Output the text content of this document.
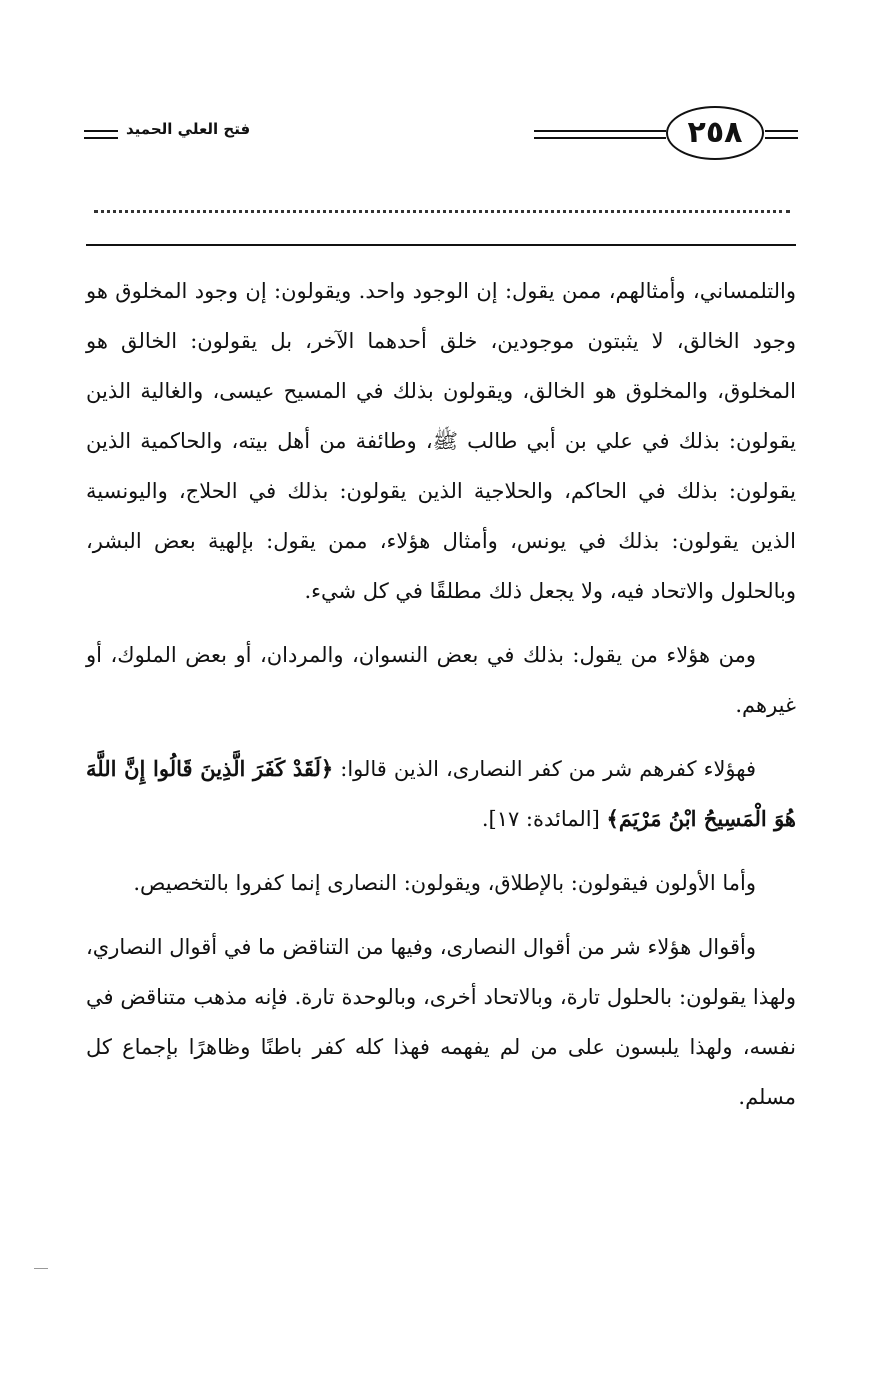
فتح العلي الحميد	٢٥٨

والتلمساني، وأمثالهم، ممن يقول: إن الوجود واحد. ويقولون: إن وجود المخلوق هو وجود الخالق، لا يثبتون موجودين، خلق أحدهما الآخر، بل يقولون: الخالق هو المخلوق، والمخلوق هو الخالق، ويقولون بذلك في المسيح عيسى، والغالية الذين يقولون: بذلك في علي بن أبي طالب ﷺ، وطائفة من أهل بيته، والحاكمية الذين يقولون: بذلك في الحاكم، والحلاجية الذين يقولون: بذلك في الحلاج، واليونسية الذين يقولون: بذلك في يونس، وأمثال هؤلاء، ممن يقول: بإلهية بعض البشر، وبالحلول والاتحاد فيه، ولا يجعل ذلك مطلقًا في كل شيء.

ومن هؤلاء من يقول: بذلك في بعض النسوان، والمردان، أو بعض الملوك، أو غيرهم.

فهؤلاء كفرهم شر من كفر النصارى، الذين قالوا: ﴿لَقَدْ كَفَرَ الَّذِينَ قَالُوا إِنَّ اللَّهَ هُوَ الْمَسِيحُ ابْنُ مَرْيَمَ﴾ [المائدة: ١٧].

وأما الأولون فيقولون: بالإطلاق، ويقولون: النصارى إنما كفروا بالتخصيص.

وأقوال هؤلاء شر من أقوال النصارى، وفيها من التناقض ما في أقوال النصاري، ولهذا يقولون: بالحلول تارة، وبالاتحاد أخرى، وبالوحدة تارة. فإنه مذهب متناقض في نفسه، ولهذا يلبسون على من لم يفهمه فهذا كله كفر باطنًا وظاهرًا بإجماع كل مسلم.
